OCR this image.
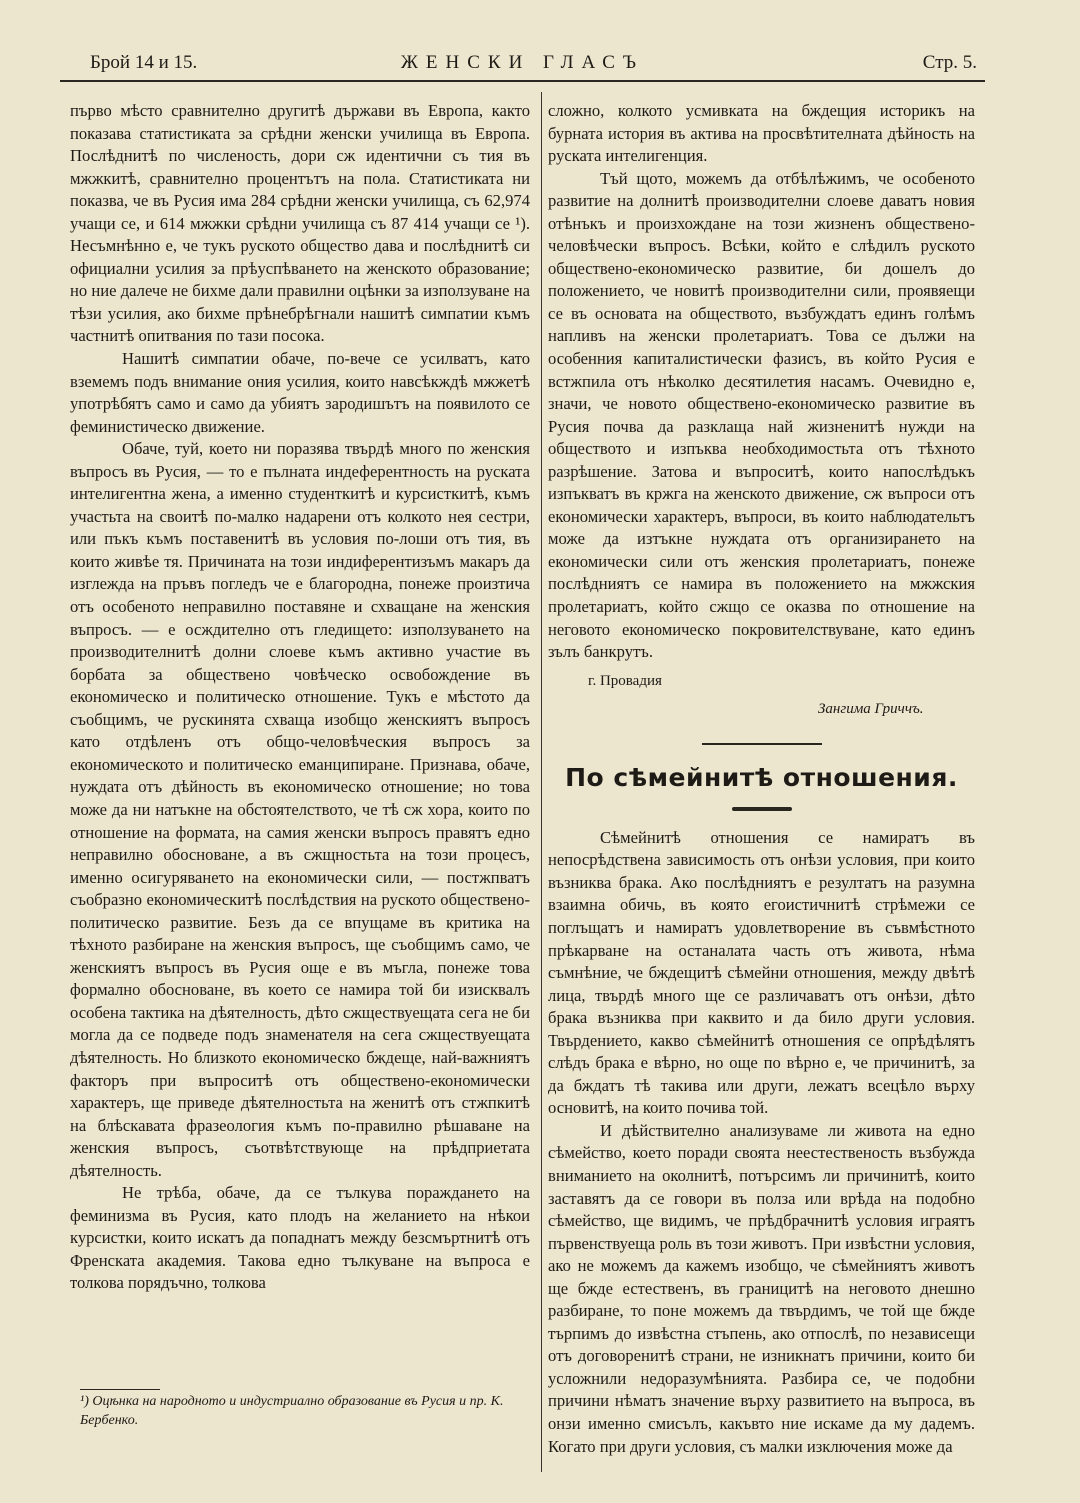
Брой 14 и 15.	ЖЕНСКИ ГЛАСЪ	Стр. 5.

първо мѣсто сравнително другитѣ държави въ Европа, както показава статистиката за срѣдни женски училища въ Европа. Послѣднитѣ по численость, дори сж идентични съ тия въ мжжкитѣ, сравнително процентътъ на пола. Статистиката ни показва, че въ Русия има 284 срѣдни женски училища, съ 62,974 учащи се, и 614 мжжки срѣдни училища съ 87 414 учащи се ¹). Несъмнѣнно е, че тукъ руското общество дава и послѣднитѣ си официални усилия за прѣуспѣването на женското образование; но ние далече не бихме дали правилни оцѣнки за използуване на тѣзи усилия, ако бихме прѣнебрѣгнали нашитѣ симпатии къмъ частнитѣ опитвания по тази посока.

Нашитѣ симпатии обаче, по-вече се усилватъ, като вземемъ подъ внимание ония усилия, които навсѣкждѣ мжжетѣ употрѣбятъ само и само да убиятъ зародишътъ на появилото се феминистическо движение.

Обаче, туй, което ни поразява твърдѣ много по женския въпросъ въ Русия, — то е пълната индеферентность на руската интелигентна жена, а именно студенткитѣ и курсисткитѣ, къмъ участьта на своитѣ по-малко надарени отъ колкото нея сестри, или пъкъ къмъ поставенитѣ въ условия по-лоши отъ тия, въ които живѣе тя. Причината на този индиферентизъмъ макаръ да изглежда на пръвъ погледъ че е благородна, понеже произтича отъ особеното неправилно поставяне и схващане на женския въпросъ. — е осждително отъ гледището: използуването на производителнитѣ долни слоеве къмъ активно участие въ борбата за обществено човѣческо освобождение въ економическо и политическо отношение. Тукъ е мѣстото да съобщимъ, че рускинята схваща изобщо женскиятъ въпросъ като отдѣленъ отъ общо-человѣческия въпросъ за економическото и политическо еманципиране. Признава, обаче, нуждата отъ дѣйность въ економическо отношение; но това може да ни натъкне на обстоятелството, че тѣ сж хора, които по отношение на формата, на самия женски въпросъ правятъ едно неправилно обосноване, а въ сжщностьта на този процесъ, именно осигуряването на економически сили, — постжпватъ съобразно економическитѣ послѣдствия на руското обществено-политическо развитие. Безъ да се впущаме въ критика на тѣхното разбиране на женския въпросъ, ще съобщимъ само, че женскиятъ въпросъ въ Русия още е въ мъгла, понеже това формално обосноване, въ което се намира той би изисквалъ особена тактика на дѣятелность, дѣто сжществуещата сега не би могла да се подведе подъ знаменателя на сега сжществуещата дѣятелность. Но близкото економическо бждеще, най-важниятъ факторъ при въпроситѣ отъ обществено-економически характеръ, ще приведе дѣятелностьта на женитѣ отъ стжпкитѣ на блѣскавата фразеология къмъ по-правилно рѣшаване на женския въпросъ, съотвѣтствующе на прѣдприетата дѣятелность.

Не трѣба, обаче, да се тълкува пораждането на феминизма въ Русия, като плодъ на желанието на нѣкои курсистки, които искатъ да попаднатъ между безсмъртнитѣ отъ Френската академия. Такова едно тълкуване на въпроса е толкова порядъчно, толкова

¹) Оцѣнка на народното и индустриално образование въ Русия и пр. К. Бербенко.

сложно, колкото усмивката на бждещия историкъ на бурната история въ актива на просвѣтителната дѣйность на руската интелигенция.

Тъй щото, можемъ да отбѣлѣжимъ, че особеното развитие на долнитѣ производителни слоеве даватъ новия отѣнъкъ и произхождане на този жизненъ обществено-человѣчески въпросъ. Всѣки, който е слѣдилъ руското обществено-економическо развитие, би дошелъ до положението, че новитѣ производителни сили, проявяещи се въ основата на обществото, възбуждатъ единъ голѣмъ напливъ на женски пролетариатъ. Това се дължи на особенния капиталистически фазисъ, въ който Русия е встжпила отъ нѣколко десятилетия насамъ. Очевидно е, значи, че новото обществено-економическо развитие въ Русия почва да разклаща най жизненитѣ нужди на обществото и изпъква необходимостьта отъ тѣхното разрѣшение. Затова и въпроситѣ, които напослѣдъкъ изпъкватъ въ кржга на женското движение, сж въпроси отъ економически характеръ, въпроси, въ които наблюдательтъ може да изтъкне нуждата отъ организирането на економически сили отъ женския пролетариатъ, понеже послѣдниятъ се намира въ положението на мжжския пролетариатъ, който сжщо се оказва по отношение на неговото економическо покровителствуване, като единъ зълъ банкрутъ.

г. Провадия
Зангима Гриччъ.
По сѣмейнитѣ отношения.

Сѣмейнитѣ отношения се намиратъ въ непосрѣдствена зависимость отъ онѣзи условия, при които възниква брака. Ако послѣдниятъ е резултатъ на разумна взаимна обичь, въ която егоистичнитѣ стрѣмежи се поглъщатъ и намиратъ удовлетворение въ съвмѣстното прѣкарване на останалата часть отъ живота, нѣма съмнѣние, че бждещитѣ сѣмейни отношения, между двѣтѣ лица, твърдѣ много ще се различаватъ отъ онѣзи, дѣто брака възниква при каквито и да било други условия. Твърдението, какво сѣмейнитѣ отношения се опрѣдѣлятъ слѣдъ брака е вѣрно, но още по вѣрно е, че причинитѣ, за да бждатъ тѣ такива или други, лежатъ всецѣло върху основитѣ, на които почива той.

И дѣйствително анализуваме ли живота на едно сѣмейство, което поради своята неестественость възбужда вниманието на околнитѣ, потърсимъ ли причинитѣ, които заставятъ да се говори въ полза или врѣда на подобно сѣмейство, ще видимъ, че прѣдбрачнитѣ условия играятъ първенствуеща роль въ този животъ. При извѣстни условия, ако не можемъ да кажемъ изобщо, че сѣмейниятъ животъ ще бжде естественъ, въ границитѣ на неговото днешно разбиране, то поне можемъ да твърдимъ, че той ще бжде търпимъ до извѣстна стъпень, ако отпослѣ, по независещи отъ договоренитѣ страни, не изникнатъ причини, които би усложнили недоразумѣнията. Разбира се, че подобни причини нѣматъ значение върху развитието на въпроса, въ онзи именно смисълъ, какъвто ние искаме да му дадемъ. Когато при други условия, съ малки изключения може да
